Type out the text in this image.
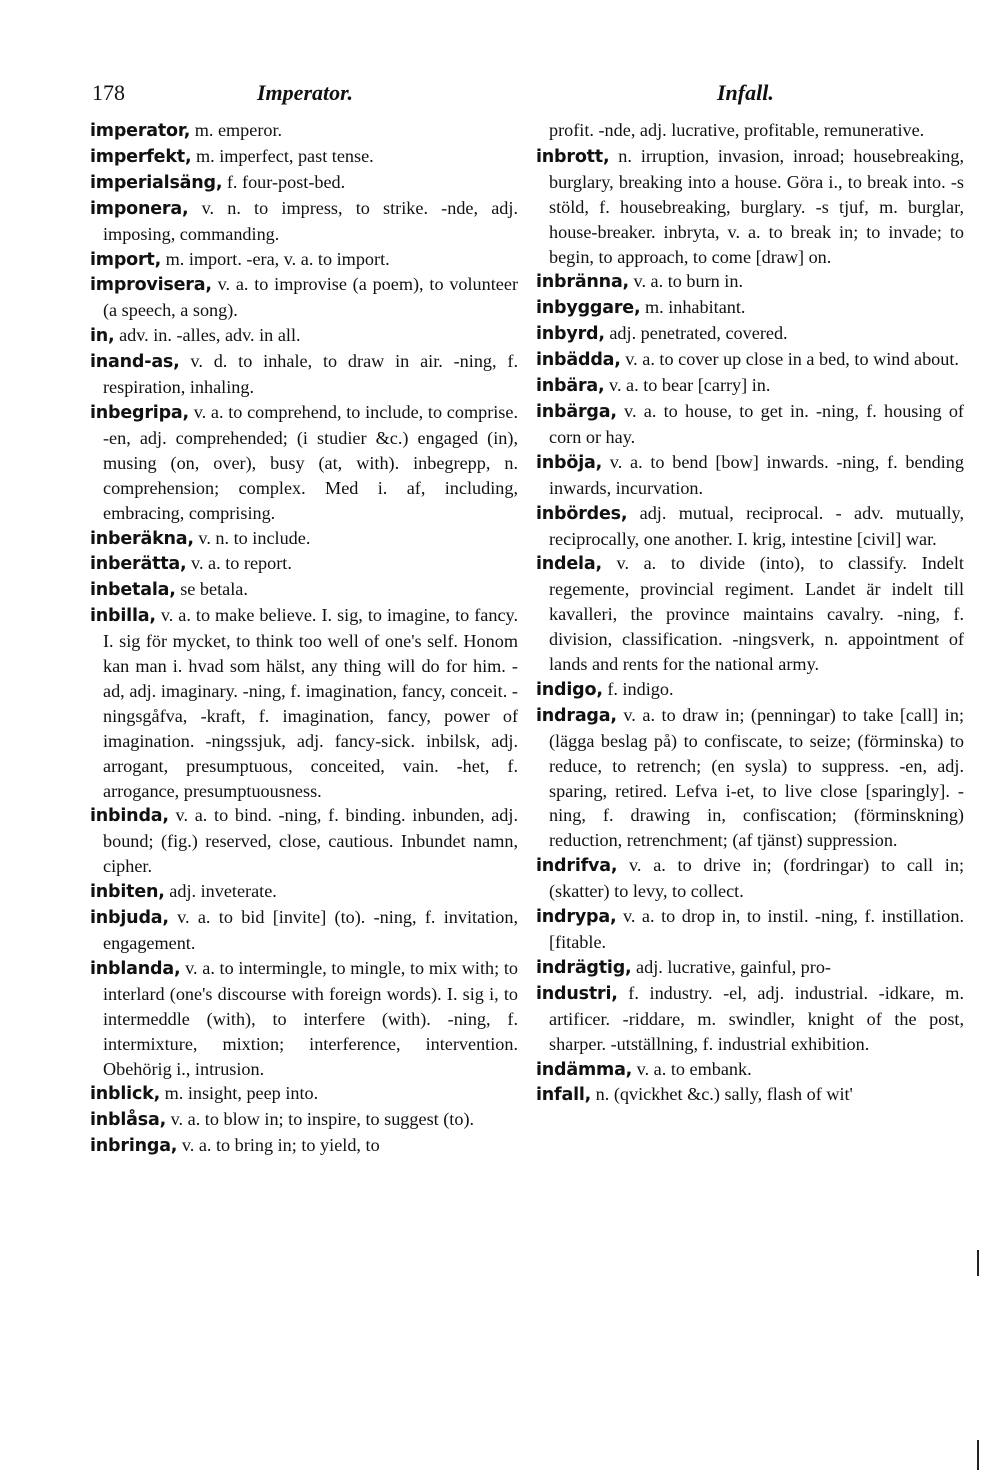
178	Imperator.	Infall.

imperator, m. emperor.

imperfekt, m. imperfect, past tense.

imperialsäng, f. four-post-bed.

imponera, v. n. to impress, to strike. -nde, adj. imposing, commanding.

import, m. import. -era, v. a. to import.

improvisera, v. a. to improvise (a poem), to volunteer (a speech, a song).

in, adv. in. -alles, adv. in all.

inand-as, v. d. to inhale, to draw in air. -ning, f. respiration, inhaling.

inbegripa, v. a. to comprehend, to include, to comprise. -en, adj. comprehended; (i studier &c.) engaged (in), musing (on, over), busy (at, with). inbegrepp, n. comprehension; complex. Med i. af, including, embracing, comprising.

inberäkna, v. n. to include.

inberätta, v. a. to report.

inbetala, se betala.

inbilla, v. a. to make believe. I. sig, to imagine, to fancy. I. sig för mycket, to think too well of one's self. Honom kan man i. hvad som hälst, any thing will do for him. -ad, adj. imaginary. -ning, f. imagination, fancy, conceit. -ningsgåfva, -kraft, f. imagination, fancy, power of imagination. -ningssjuk, adj. fancy-sick. inbilsk, adj. arrogant, presumptuous, conceited, vain. -het, f. arrogance, presumptuousness.

inbinda, v. a. to bind. -ning, f. binding. inbunden, adj. bound; (fig.) reserved, close, cautious. Inbundet namn, cipher.

inbiten, adj. inveterate.

inbjuda, v. a. to bid [invite] (to). -ning, f. invitation, engagement.

inblanda, v. a. to intermingle, to mingle, to mix with; to interlard (one's discourse with foreign words). I. sig i, to intermeddle (with), to interfere (with). -ning, f. intermixture, mixtion; interference, intervention. Obehörig i., intrusion.

inblick, m. insight, peep into.

inblåsa, v. a. to blow in; to inspire, to suggest (to).

inbringa, v. a. to bring in; to yield, to

profit. -nde, adj. lucrative, profitable, remunerative.

inbrott, n. irruption, invasion, inroad; housebreaking, burglary, breaking into a house. Göra i., to break into. -s stöld, f. housebreaking, burglary. -s tjuf, m. burglar, house-breaker. inbryta, v. a. to break in; to invade; to begin, to approach, to come [draw] on.

inbränna, v. a. to burn in.

inbyggare, m. inhabitant.

inbyrd, adj. penetrated, covered.

inbädda, v. a. to cover up close in a bed, to wind about.

inbära, v. a. to bear [carry] in.

inbärga, v. a. to house, to get in. -ning, f. housing of corn or hay.

inböja, v. a. to bend [bow] inwards. -ning, f. bending inwards, incurvation.

inbördes, adj. mutual, reciprocal. - adv. mutually, reciprocally, one another. I. krig, intestine [civil] war.

indela, v. a. to divide (into), to classify. Indelt regemente, provincial regiment. Landet är indelt till kavalleri, the province maintains cavalry. -ning, f. division, classification. -ningsverk, n. appointment of lands and rents for the national army.

indigo, f. indigo.

indraga, v. a. to draw in; (penningar) to take [call] in; (lägga beslag på) to confiscate, to seize; (förminska) to reduce, to retrench; (en sysla) to suppress. -en, adj. sparing, retired. Lefva i-et, to live close [sparingly]. -ning, f. drawing in, confiscation; (förminskning) reduction, retrenchment; (af tjänst) suppression.

indrifva, v. a. to drive in; (fordringar) to call in; (skatter) to levy, to collect.

indrypa, v. a. to drop in, to instil. -ning, f. instillation. [fitable.

indrägtig, adj. lucrative, gainful, pro-

industri, f. industry. -el, adj. industrial. -idkare, m. artificer. -riddare, m. swindler, knight of the post, sharper. -utställning, f. industrial exhibition.

indämma, v. a. to embank.

infall, n. (qvickhet &c.) sally, flash of wit'
